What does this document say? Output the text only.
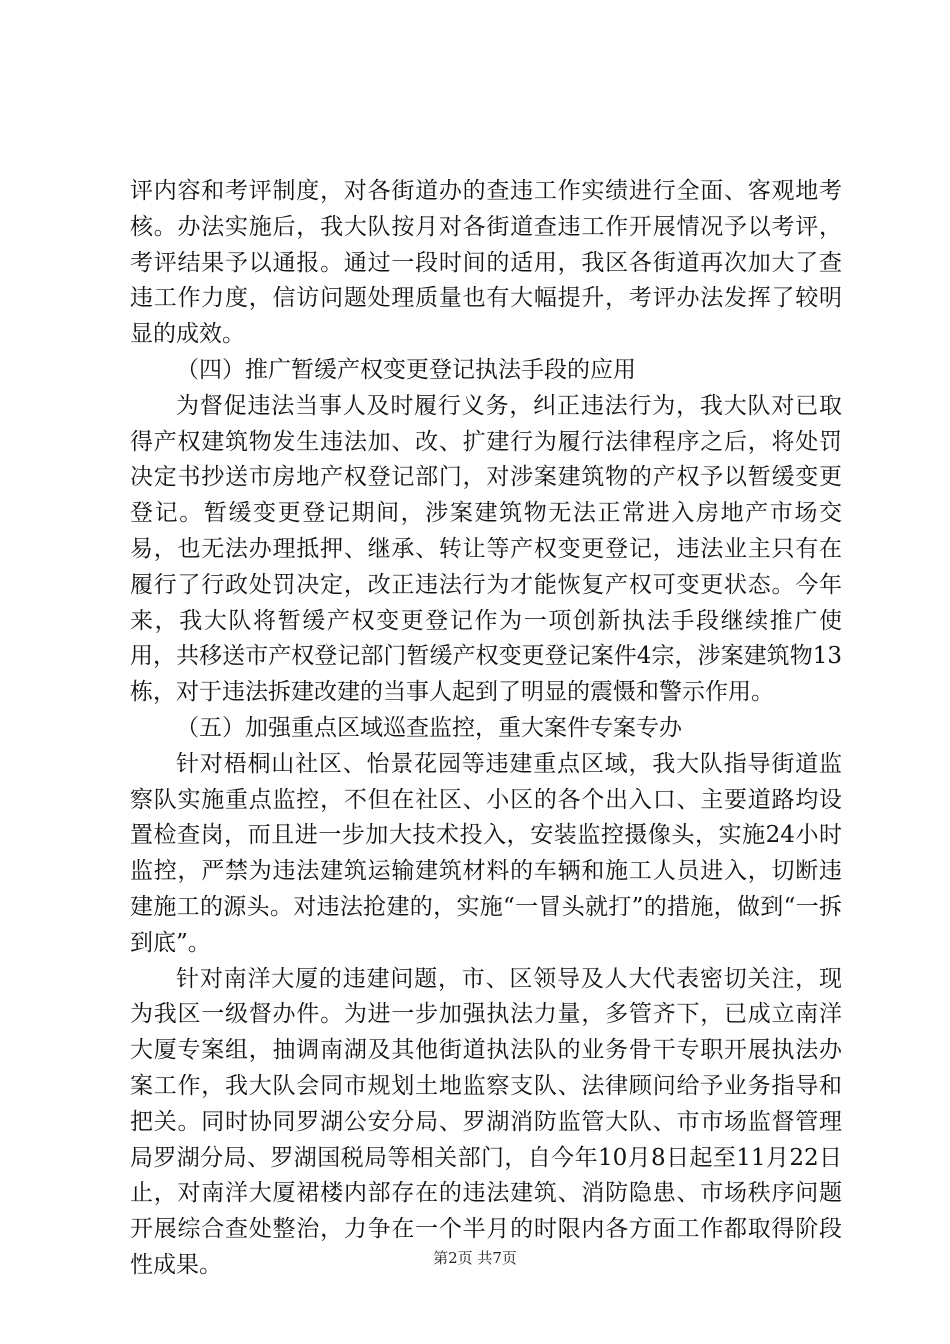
评内容和考评制度，对各街道办的查违工作实绩进行全面、客观地考核。办法实施后，我大队按月对各街道查违工作开展情况予以考评，考评结果予以通报。通过一段时间的适用，我区各街道再次加大了查违工作力度，信访问题处理质量也有大幅提升，考评办法发挥了较明显的成效。

（四）推广暂缓产权变更登记执法手段的应用

为督促违法当事人及时履行义务，纠正违法行为，我大队对已取得产权建筑物发生违法加、改、扩建行为履行法律程序之后，将处罚决定书抄送市房地产权登记部门，对涉案建筑物的产权予以暂缓变更登记。暂缓变更登记期间，涉案建筑物无法正常进入房地产市场交易，也无法办理抵押、继承、转让等产权变更登记，违法业主只有在履行了行政处罚决定，改正违法行为才能恢复产权可变更状态。今年来，我大队将暂缓产权变更登记作为一项创新执法手段继续推广使用，共移送市产权登记部门暂缓产权变更登记案件4宗，涉案建筑物13栋，对于违法拆建改建的当事人起到了明显的震慑和警示作用。

（五）加强重点区域巡查监控，重大案件专案专办

针对梧桐山社区、怡景花园等违建重点区域，我大队指导街道监察队实施重点监控，不但在社区、小区的各个出入口、主要道路均设置检查岗，而且进一步加大技术投入，安装监控摄像头，实施24小时监控，严禁为违法建筑运输建筑材料的车辆和施工人员进入，切断违建施工的源头。对违法抢建的，实施“一冒头就打”的措施，做到“一拆到底”。

针对南洋大厦的违建问题，市、区领导及人大代表密切关注，现为我区一级督办件。为进一步加强执法力量，多管齐下，已成立南洋大厦专案组，抽调南湖及其他街道执法队的业务骨干专职开展执法办案工作，我大队会同市规划土地监察支队、法律顾问给予业务指导和把关。同时协同罗湖公安分局、罗湖消防监管大队、市市场监督管理局罗湖分局、罗湖国税局等相关部门，自今年10月8日起至11月22日止，对南洋大厦裙楼内部存在的违法建筑、消防隐患、市场秩序问题开展综合查处整治，力争在一个半月的时限内各方面工作都取得阶段性成果。	第2页 共7页
